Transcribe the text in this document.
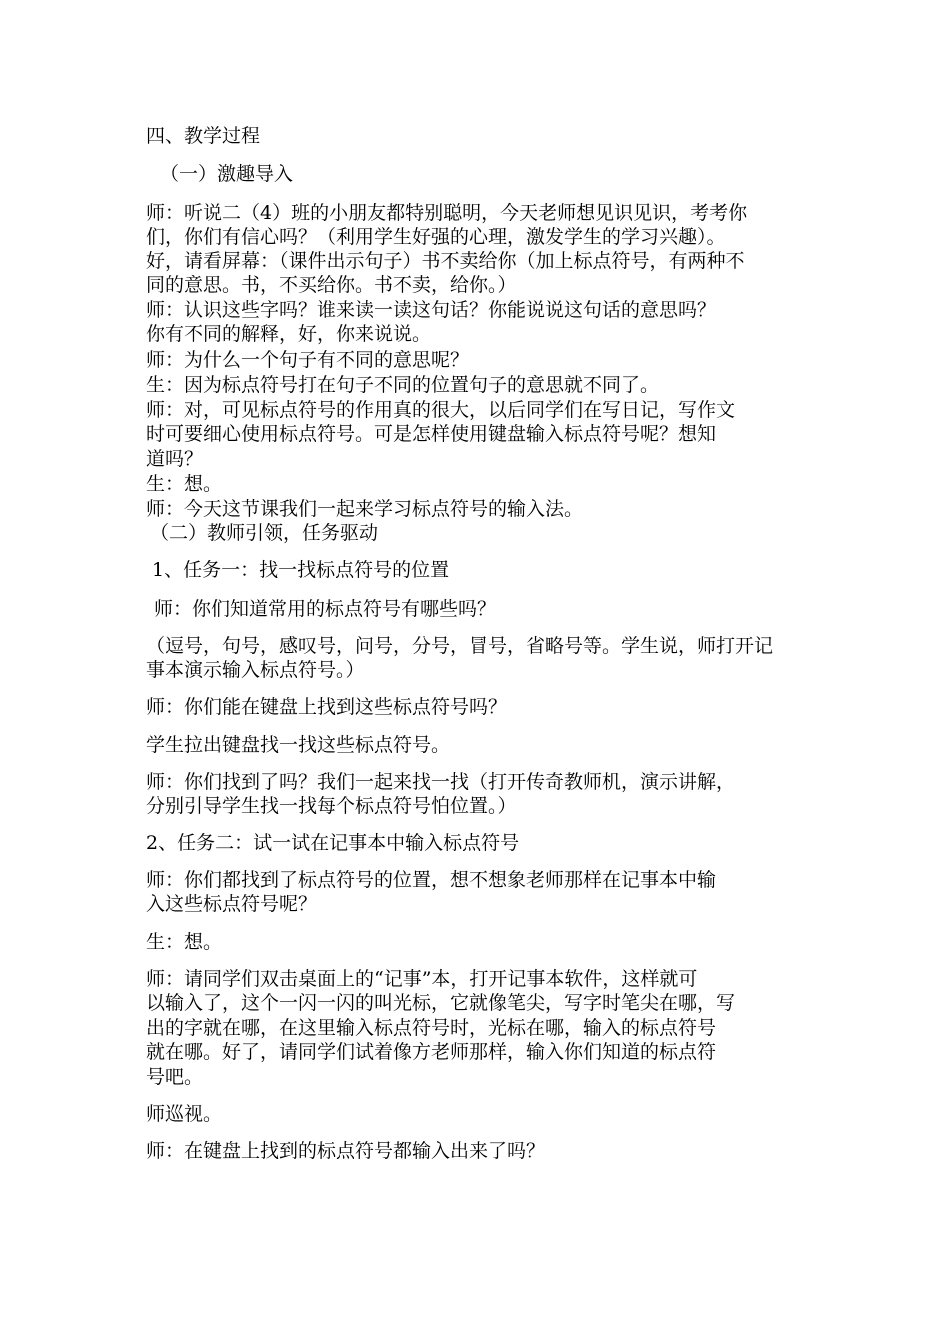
四、教学过程
（一）激趣导入
师：听说二（4）班的小朋友都特别聪明，今天老师想见识见识，考考你
们，你们有信心吗？（利用学生好强的心理，激发学生的学习兴趣）。
好，请看屏幕：（课件出示句子）书不卖给你（加上标点符号，有两种不
同的意思。书，不买给你。书不卖，给你。）
师：认识这些字吗？谁来读一读这句话？你能说说这句话的意思吗？
你有不同的解释，好，你来说说。
师：为什么一个句子有不同的意思呢？
生：因为标点符号打在句子不同的位置句子的意思就不同了。
师：对，可见标点符号的作用真的很大，以后同学们在写日记，写作文
时可要细心使用标点符号。可是怎样使用键盘输入标点符号呢？想知
道吗？
生：想。
师：今天这节课我们一起来学习标点符号的输入法。
（二）教师引领，任务驱动
1、任务一：找一找标点符号的位置
师：你们知道常用的标点符号有哪些吗？
（逗号，句号，感叹号，问号，分号，冒号，省略号等。学生说，师打开记
事本演示输入标点符号。）
师：你们能在键盘上找到这些标点符号吗？
学生拉出键盘找一找这些标点符号。
师：你们找到了吗？我们一起来找一找（打开传奇教师机，演示讲解，
分别引导学生找一找每个标点符号怕位置。）
2、任务二：试一试在记事本中输入标点符号
师：你们都找到了标点符号的位置，想不想象老师那样在记事本中输
入这些标点符号呢？
生：想。
师：请同学们双击桌面上的“记事”本，打开记事本软件，这样就可
以输入了，这个一闪一闪的叫光标，它就像笔尖，写字时笔尖在哪，写
出的字就在哪，在这里输入标点符号时，光标在哪，输入的标点符号
就在哪。好了，请同学们试着像方老师那样，输入你们知道的标点符
号吧。
师巡视。
师：在键盘上找到的标点符号都输入出来了吗？
